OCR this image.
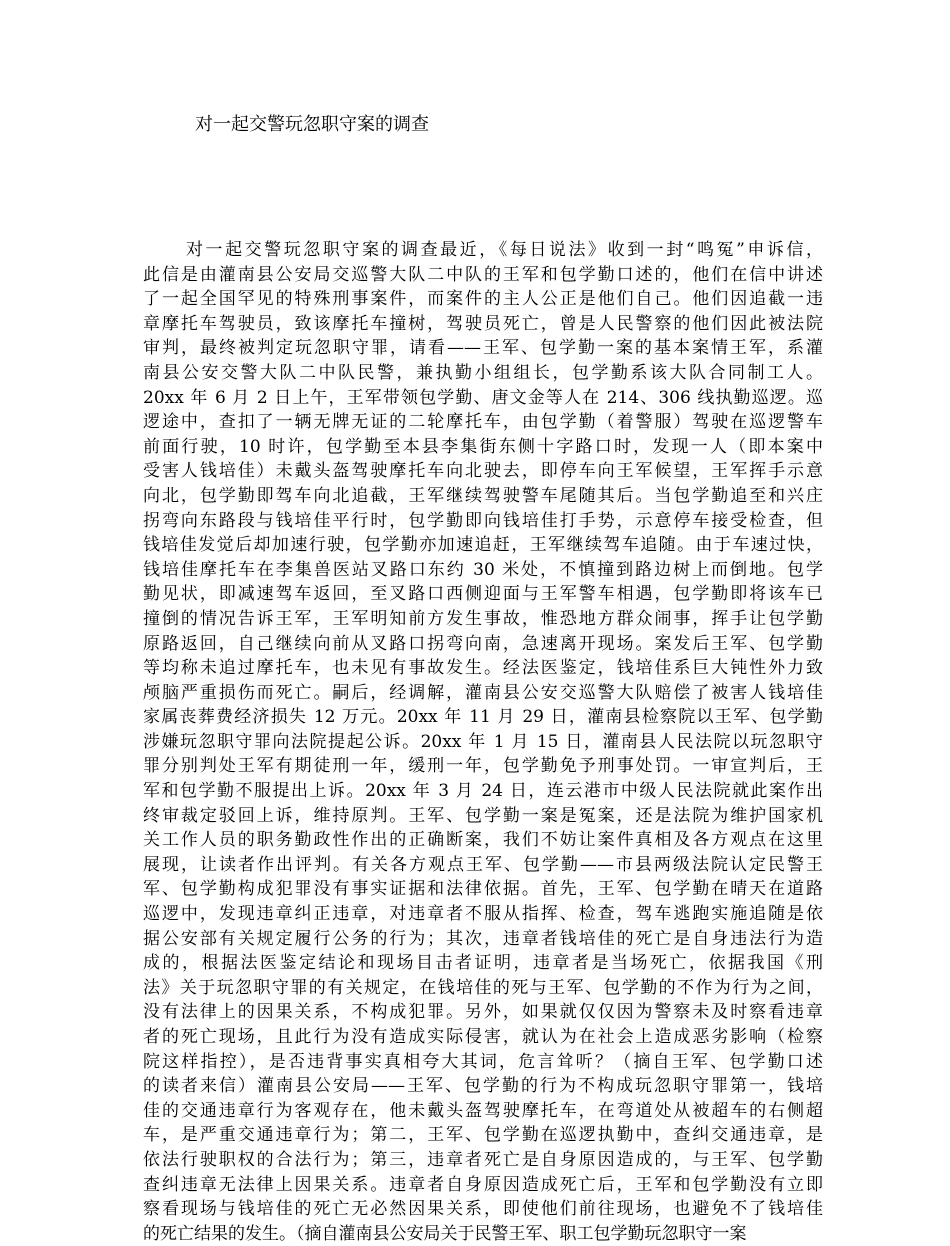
对一起交警玩忽职守案的调查
对一起交警玩忽职守案的调查最近，《每日说法》收到一封“鸣冤”申诉信，
此信是由灌南县公安局交巡警大队二中队的王军和包学勤口述的，他们在信中讲述
了一起全国罕见的特殊刑事案件，而案件的主人公正是他们自己。他们因追截一违
章摩托车驾驶员，致该摩托车撞树，驾驶员死亡，曾是人民警察的他们因此被法院
审判，最终被判定玩忽职守罪，请看——王军、包学勤一案的基本案情王军，系灌
南县公安交警大队二中队民警，兼执勤小组组长，包学勤系该大队合同制工人。
20xx 年 6 月 2 日上午，王军带领包学勤、唐文金等人在 214、306 线执勤巡逻。巡
逻途中，查扣了一辆无牌无证的二轮摩托车，由包学勤（着警服）驾驶在巡逻警车
前面行驶，10 时许，包学勤至本县李集街东侧十字路口时，发现一人（即本案中
受害人钱培佳）未戴头盔驾驶摩托车向北驶去，即停车向王军候望，王军挥手示意
向北，包学勤即驾车向北追截，王军继续驾驶警车尾随其后。当包学勤追至和兴庄
拐弯向东路段与钱培佳平行时，包学勤即向钱培佳打手势，示意停车接受检查，但
钱培佳发觉后却加速行驶，包学勤亦加速追赶，王军继续驾车追随。由于车速过快，
钱培佳摩托车在李集兽医站叉路口东约 30 米处，不慎撞到路边树上而倒地。包学
勤见状，即减速驾车返回，至叉路口西侧迎面与王军警车相遇，包学勤即将该车已
撞倒的情况告诉王军，王军明知前方发生事故，惟恐地方群众闹事，挥手让包学勤
原路返回，自己继续向前从叉路口拐弯向南，急速离开现场。案发后王军、包学勤
等均称未追过摩托车，也未见有事故发生。经法医鉴定，钱培佳系巨大钝性外力致
颅脑严重损伤而死亡。嗣后，经调解，灌南县公安交巡警大队赔偿了被害人钱培佳
家属丧葬费经济损失 12 万元。20xx 年 11 月 29 日，灌南县检察院以王军、包学勤
涉嫌玩忽职守罪向法院提起公诉。20xx 年 1 月 15 日，灌南县人民法院以玩忽职守
罪分别判处王军有期徒刑一年，缓刑一年，包学勤免予刑事处罚。一审宣判后，王
军和包学勤不服提出上诉。20xx 年 3 月 24 日，连云港市中级人民法院就此案作出
终审裁定驳回上诉，维持原判。王军、包学勤一案是冤案，还是法院为维护国家机
关工作人员的职务勤政性作出的正确断案，我们不妨让案件真相及各方观点在这里
展现，让读者作出评判。有关各方观点王军、包学勤——市县两级法院认定民警王
军、包学勤构成犯罪没有事实证据和法律依据。首先，王军、包学勤在晴天在道路
巡逻中，发现违章纠正违章，对违章者不服从指挥、检查，驾车逃跑实施追随是依
据公安部有关规定履行公务的行为；其次，违章者钱培佳的死亡是自身违法行为造
成的，根据法医鉴定结论和现场目击者证明，违章者是当场死亡，依据我国《刑
法》关于玩忽职守罪的有关规定，在钱培佳的死与王军、包学勤的不作为行为之间，
没有法律上的因果关系，不构成犯罪。另外，如果就仅仅因为警察未及时察看违章
者的死亡现场，且此行为没有造成实际侵害，就认为在社会上造成恶劣影响（检察
院这样指控），是否违背事实真相夸大其词，危言耸听？（摘自王军、包学勤口述
的读者来信）灌南县公安局——王军、包学勤的行为不构成玩忽职守罪第一，钱培
佳的交通违章行为客观存在，他未戴头盔驾驶摩托车，在弯道处从被超车的右侧超
车，是严重交通违章行为；第二，王军、包学勤在巡逻执勤中，查纠交通违章，是
依法行驶职权的合法行为；第三，违章者死亡是自身原因造成的，与王军、包学勤
查纠违章无法律上因果关系。违章者自身原因造成死亡后，王军和包学勤没有立即
察看现场与钱培佳的死亡无必然因果关系，即使他们前往现场，也避免不了钱培佳
的死亡结果的发生。（摘自灌南县公安局关于民警王军、职工包学勤玩忽职守一案
